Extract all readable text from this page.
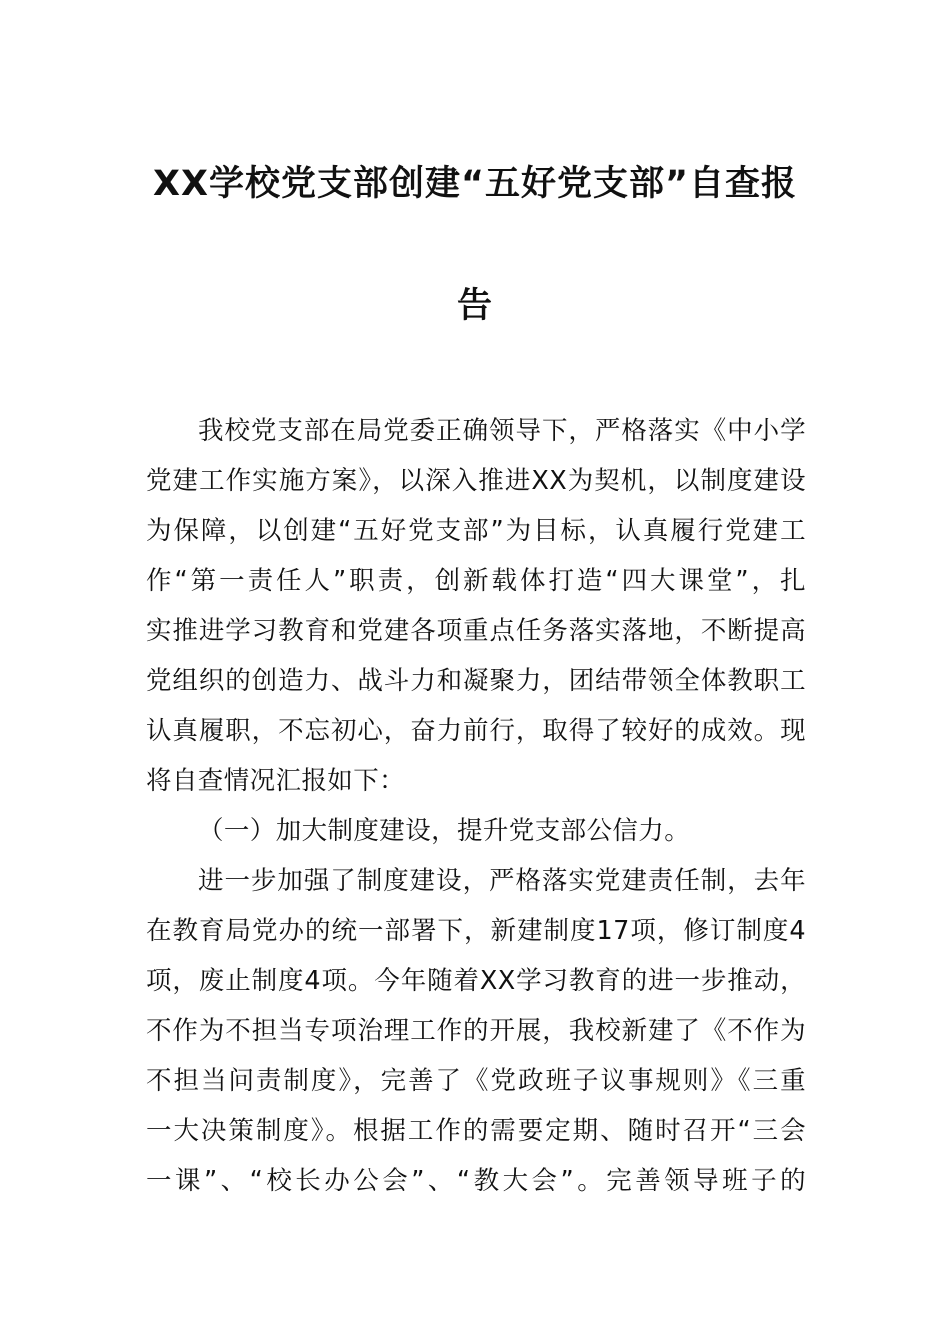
XX学校党支部创建“五好党支部”自查报
告
我校党支部在局党委正确领导下，严格落实《中小学
党建工作实施方案》，以深入推进XX为契机，以制度建设
为保障，以创建“五好党支部”为目标，认真履行党建工
作“第一责任人”职责，创新载体打造“四大课堂”，扎
实推进学习教育和党建各项重点任务落实落地，不断提高
党组织的创造力、战斗力和凝聚力，团结带领全体教职工
认真履职，不忘初心，奋力前行，取得了较好的成效。现
将自查情况汇报如下：
（一）加大制度建设，提升党支部公信力。
进一步加强了制度建设，严格落实党建责任制，去年
在教育局党办的统一部署下，新建制度17项，修订制度4
项，废止制度4项。今年随着XX学习教育的进一步推动，
不作为不担当专项治理工作的开展，我校新建了《不作为
不担当问责制度》，完善了《党政班子议事规则》《三重
一大决策制度》。根据工作的需要定期、随时召开“三会
一课”、“校长办公会”、“教大会”。完善领导班子的
